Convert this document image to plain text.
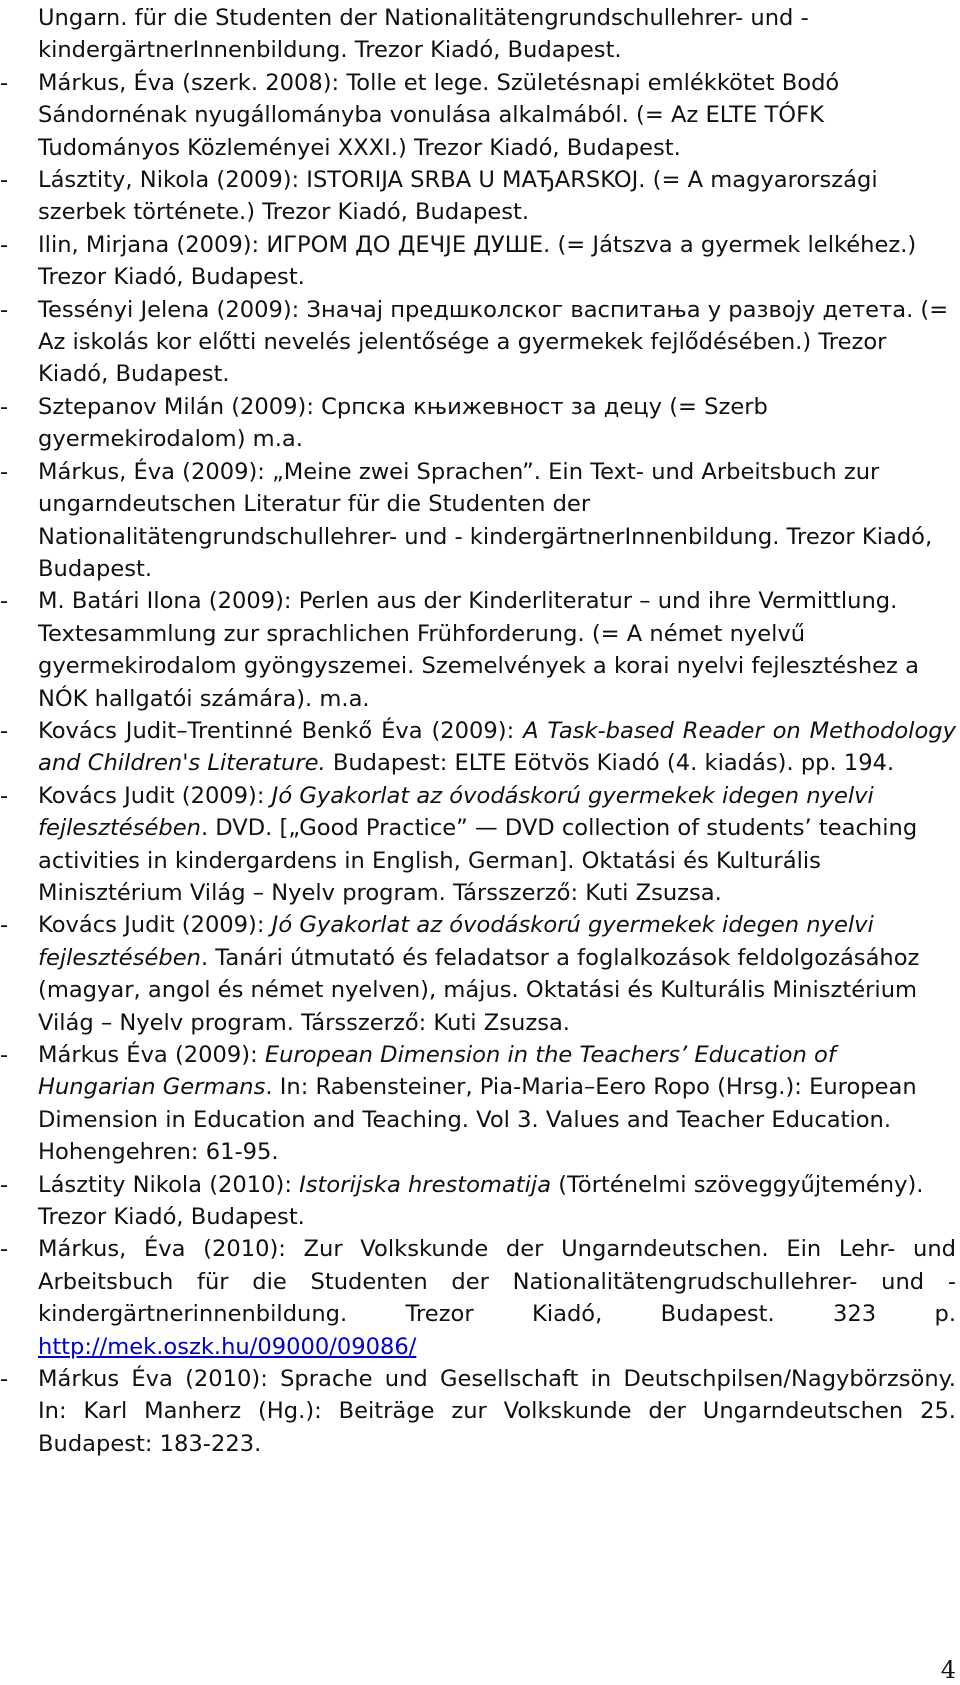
Ungarn. für die Studenten der Nationalitätengrundschullehrer- und - kindergärtnerInnenbildung. Trezor Kiadó, Budapest.
-	Márkus, Éva (szerk. 2008): Tolle et lege. Születésnapi emlékkötet Bodó Sándornénak nyugállományba vonulása alkalmából. (= Az ELTE TÓFK Tudományos Közleményei XXXI.) Trezor Kiadó, Budapest.
-	Lásztity, Nikola (2009): ISTORIJA SRBA U MAЂARSKOJ. (= A magyarországi szerbek története.) Trezor Kiadó, Budapest.
-	Ilin, Mirjana (2009): ИГРОМ ДО ДЕЧЈЕ ДУШЕ. (= Játszva a gyermek lelkéhez.) Trezor Kiadó, Budapest.
-	Tessényi Jelena (2009): Значај предшколског васпитања у развоју детета. (= Az iskolás kor előtti nevelés jelentősége a gyermekek fejlődésében.) Trezor Kiadó, Budapest.
-	Sztepanov Milán (2009): Српска књижевност за децу (= Szerb gyermekirodalom) m.a.
-	Márkus, Éva (2009): „Meine zwei Sprachen”. Ein Text- und Arbeitsbuch zur ungarndeutschen Literatur für die Studenten der Nationalitätengrundschullehrer- und - kindergärtnerInnenbildung. Trezor Kiadó, Budapest.
-	M. Batári Ilona (2009): Perlen aus der Kinderliteratur – und ihre Vermittlung. Textesammlung zur sprachlichen Frühforderung. (= A német nyelvű gyermekirodalom gyöngyszemei. Szemelvények a korai nyelvi fejlesztéshez a NÓK hallgatói számára). m.a.
-	Kovács Judit–Trentinné Benkő Éva (2009): A Task-based Reader on Methodology and Children's Literature. Budapest: ELTE Eötvös Kiadó (4. kiadás). pp. 194.
-	Kovács Judit (2009): Jó Gyakorlat az óvodáskorú gyermekek idegen nyelvi fejlesztésében. DVD. [„Good Practice” — DVD collection of students’ teaching activities in kindergardens in English, German]. Oktatási és Kulturális Minisztérium Világ – Nyelv program. Társszerző: Kuti Zsuzsa.
-	Kovács Judit (2009): Jó Gyakorlat az óvodáskorú gyermekek idegen nyelvi fejlesztésében. Tanári útmutató és feladatsor a foglalkozások feldolgozásához (magyar, angol és német nyelven), május. Oktatási és Kulturális Minisztérium Világ – Nyelv program. Társszerző: Kuti Zsuzsa.
-	Márkus Éva (2009): European Dimension in the Teachers’ Education of Hungarian Germans. In: Rabensteiner, Pia-Maria–Eero Ropo (Hrsg.): European Dimension in Education and Teaching. Vol 3. Values and Teacher Education. Hohengehren: 61-95.
-	Lásztity Nikola (2010): Istorijska hrestomatija (Történelmi szöveggyűjtemény). Trezor Kiadó, Budapest.
-	Márkus, Éva (2010): Zur Volkskunde der Ungarndeutschen. Ein Lehr- und Arbeitsbuch für die Studenten der Nationalitätengrudschullehrer- und -kindergärtnerinnenbildung. Trezor Kiadó, Budapest. 323 p. http://mek.oszk.hu/09000/09086/
-	Márkus Éva (2010): Sprache und Gesellschaft in Deutschpilsen/Nagybörzsöny. In: Karl Manherz (Hg.): Beiträge zur Volkskunde der Ungarndeutschen 25. Budapest: 183-223.
4
